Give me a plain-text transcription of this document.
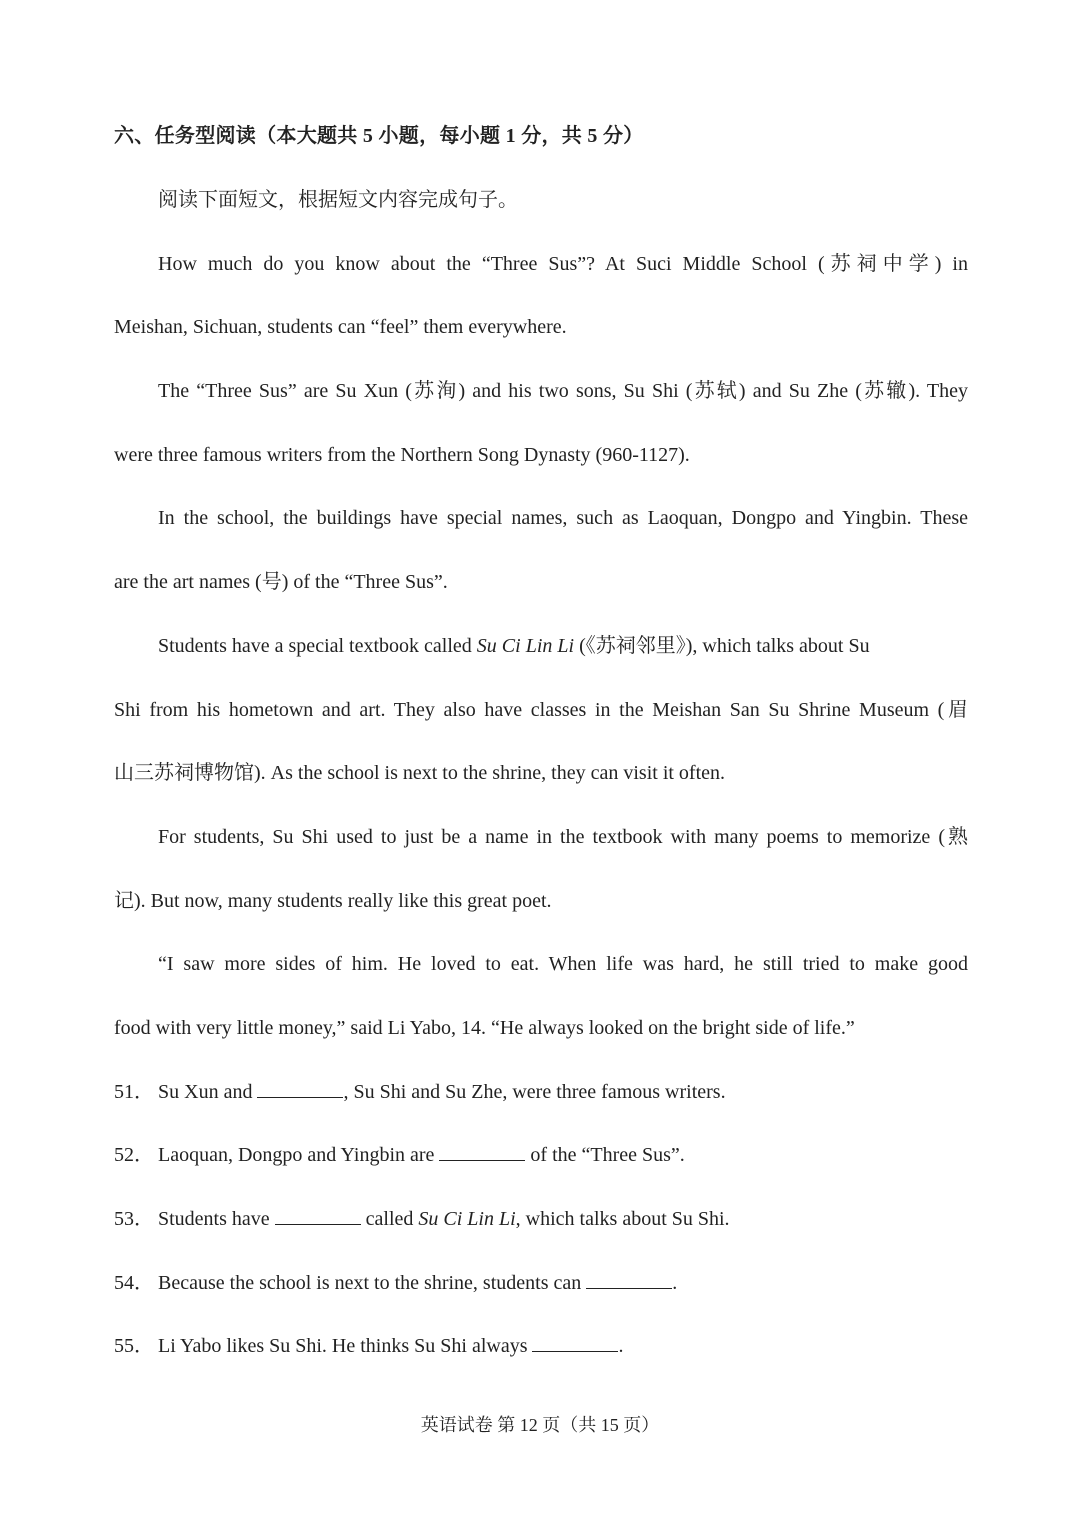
六、任务型阅读（本大题共 5 小题，每小题 1 分，共 5 分）
阅读下面短文，根据短文内容完成句子。
How much do you know about the “Three Sus”? At Suci Middle School (苏祠中学) in
Meishan, Sichuan, students can “feel” them everywhere.
The “Three Sus” are Su Xun (苏洵) and his two sons, Su Shi (苏轼) and Su Zhe (苏辙). They
were three famous writers from the Northern Song Dynasty (960-1127).
In the school, the buildings have special names, such as Laoquan, Dongpo and Yingbin. These
are the art names (号) of the “Three Sus”.
Students have a special textbook called Su Ci Lin Li (《苏祠邻里》), which talks about Su
Shi from his hometown and art. They also have classes in the Meishan San Su Shrine Museum (眉
山三苏祠博物馆). As the school is next to the shrine, they can visit it often.
For students, Su Shi used to just be a name in the textbook with many poems to memorize (熟
记). But now, many students really like this great poet.
“I saw more sides of him. He loved to eat. When life was hard, he still tried to make good
food with very little money,” said Li Yabo, 14. “He always looked on the bright side of life.”
51． Su Xun and	, Su Shi and Su Zhe, were three famous writers.
52． Laoquan, Dongpo and Yingbin are	of the “Three Sus”.
53． Students have	called Su Ci Lin Li, which talks about Su Shi.
54． Because the school is next to the shrine, students can	.
55． Li Yabo likes Su Shi. He thinks Su Shi always	.
英语试卷 第 12 页（共 15 页）
